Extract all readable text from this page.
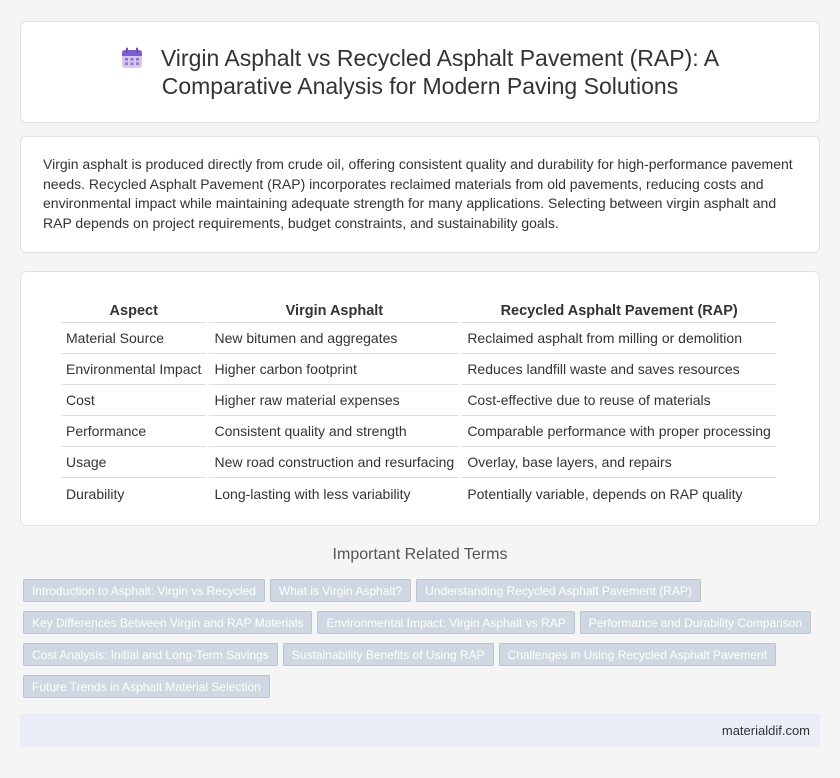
Virgin Asphalt vs Recycled Asphalt Pavement (RAP): A Comparative Analysis for Modern Paving Solutions

Virgin asphalt is produced directly from crude oil, offering consistent quality and durability for high-performance pavement needs. Recycled Asphalt Pavement (RAP) incorporates reclaimed materials from old pavements, reducing costs and environmental impact while maintaining adequate strength for many applications. Selecting between virgin asphalt and RAP depends on project requirements, budget constraints, and sustainability goals.

Aspect	Virgin Asphalt	Recycled Asphalt Pavement (RAP)
Material Source	New bitumen and aggregates	Reclaimed asphalt from milling or demolition
Environmental Impact	Higher carbon footprint	Reduces landfill waste and saves resources
Cost	Higher raw material expenses	Cost-effective due to reuse of materials
Performance	Consistent quality and strength	Comparable performance with proper processing
Usage	New road construction and resurfacing	Overlay, base layers, and repairs
Durability	Long-lasting with less variability	Potentially variable, depends on RAP quality
Important Related Terms
Introduction to Asphalt: Virgin vs Recycled What is Virgin Asphalt? Understanding Recycled Asphalt Pavement (RAP)
Key Differences Between Virgin and RAP Materials Environmental Impact: Virgin Asphalt vs RAP Performance and Durability Comparison
Cost Analysis: Initial and Long-Term Savings Sustainability Benefits of Using RAP Challenges in Using Recycled Asphalt Pavement
Future Trends in Asphalt Material Selection
materialdif.com
